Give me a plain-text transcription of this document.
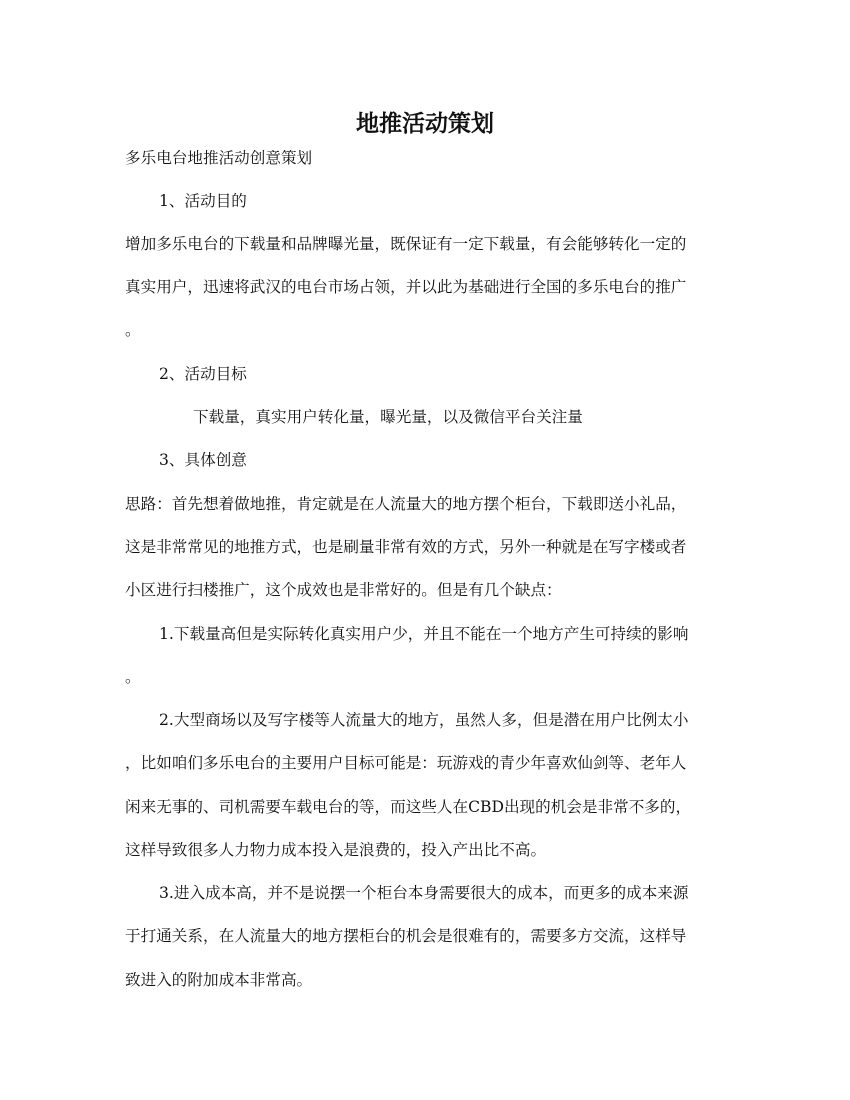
地推活动策划
多乐电台地推活动创意策划
1、活动目的
增加多乐电台的下载量和品牌曝光量，既保证有一定下载量，有会能够转化一定的
真实用户，迅速将武汉的电台市场占领，并以此为基础进行全国的多乐电台的推广
。
2、活动目标
下载量，真实用户转化量，曝光量，以及微信平台关注量
3、具体创意
思路：首先想着做地推，肯定就是在人流量大的地方摆个柜台，下载即送小礼品，
这是非常常见的地推方式，也是刷量非常有效的方式，另外一种就是在写字楼或者
小区进行扫楼推广，这个成效也是非常好的。但是有几个缺点：
1.下载量高但是实际转化真实用户少，并且不能在一个地方产生可持续的影响
。
2.大型商场以及写字楼等人流量大的地方，虽然人多，但是潜在用户比例太小
，比如咱们多乐电台的主要用户目标可能是：玩游戏的青少年喜欢仙剑等、老年人
闲来无事的、司机需要车载电台的等，而这些人在CBD出现的机会是非常不多的，
这样导致很多人力物力成本投入是浪费的，投入产出比不高。
3.进入成本高，并不是说摆一个柜台本身需要很大的成本，而更多的成本来源
于打通关系，在人流量大的地方摆柜台的机会是很难有的，需要多方交流，这样导
致进入的附加成本非常高。
